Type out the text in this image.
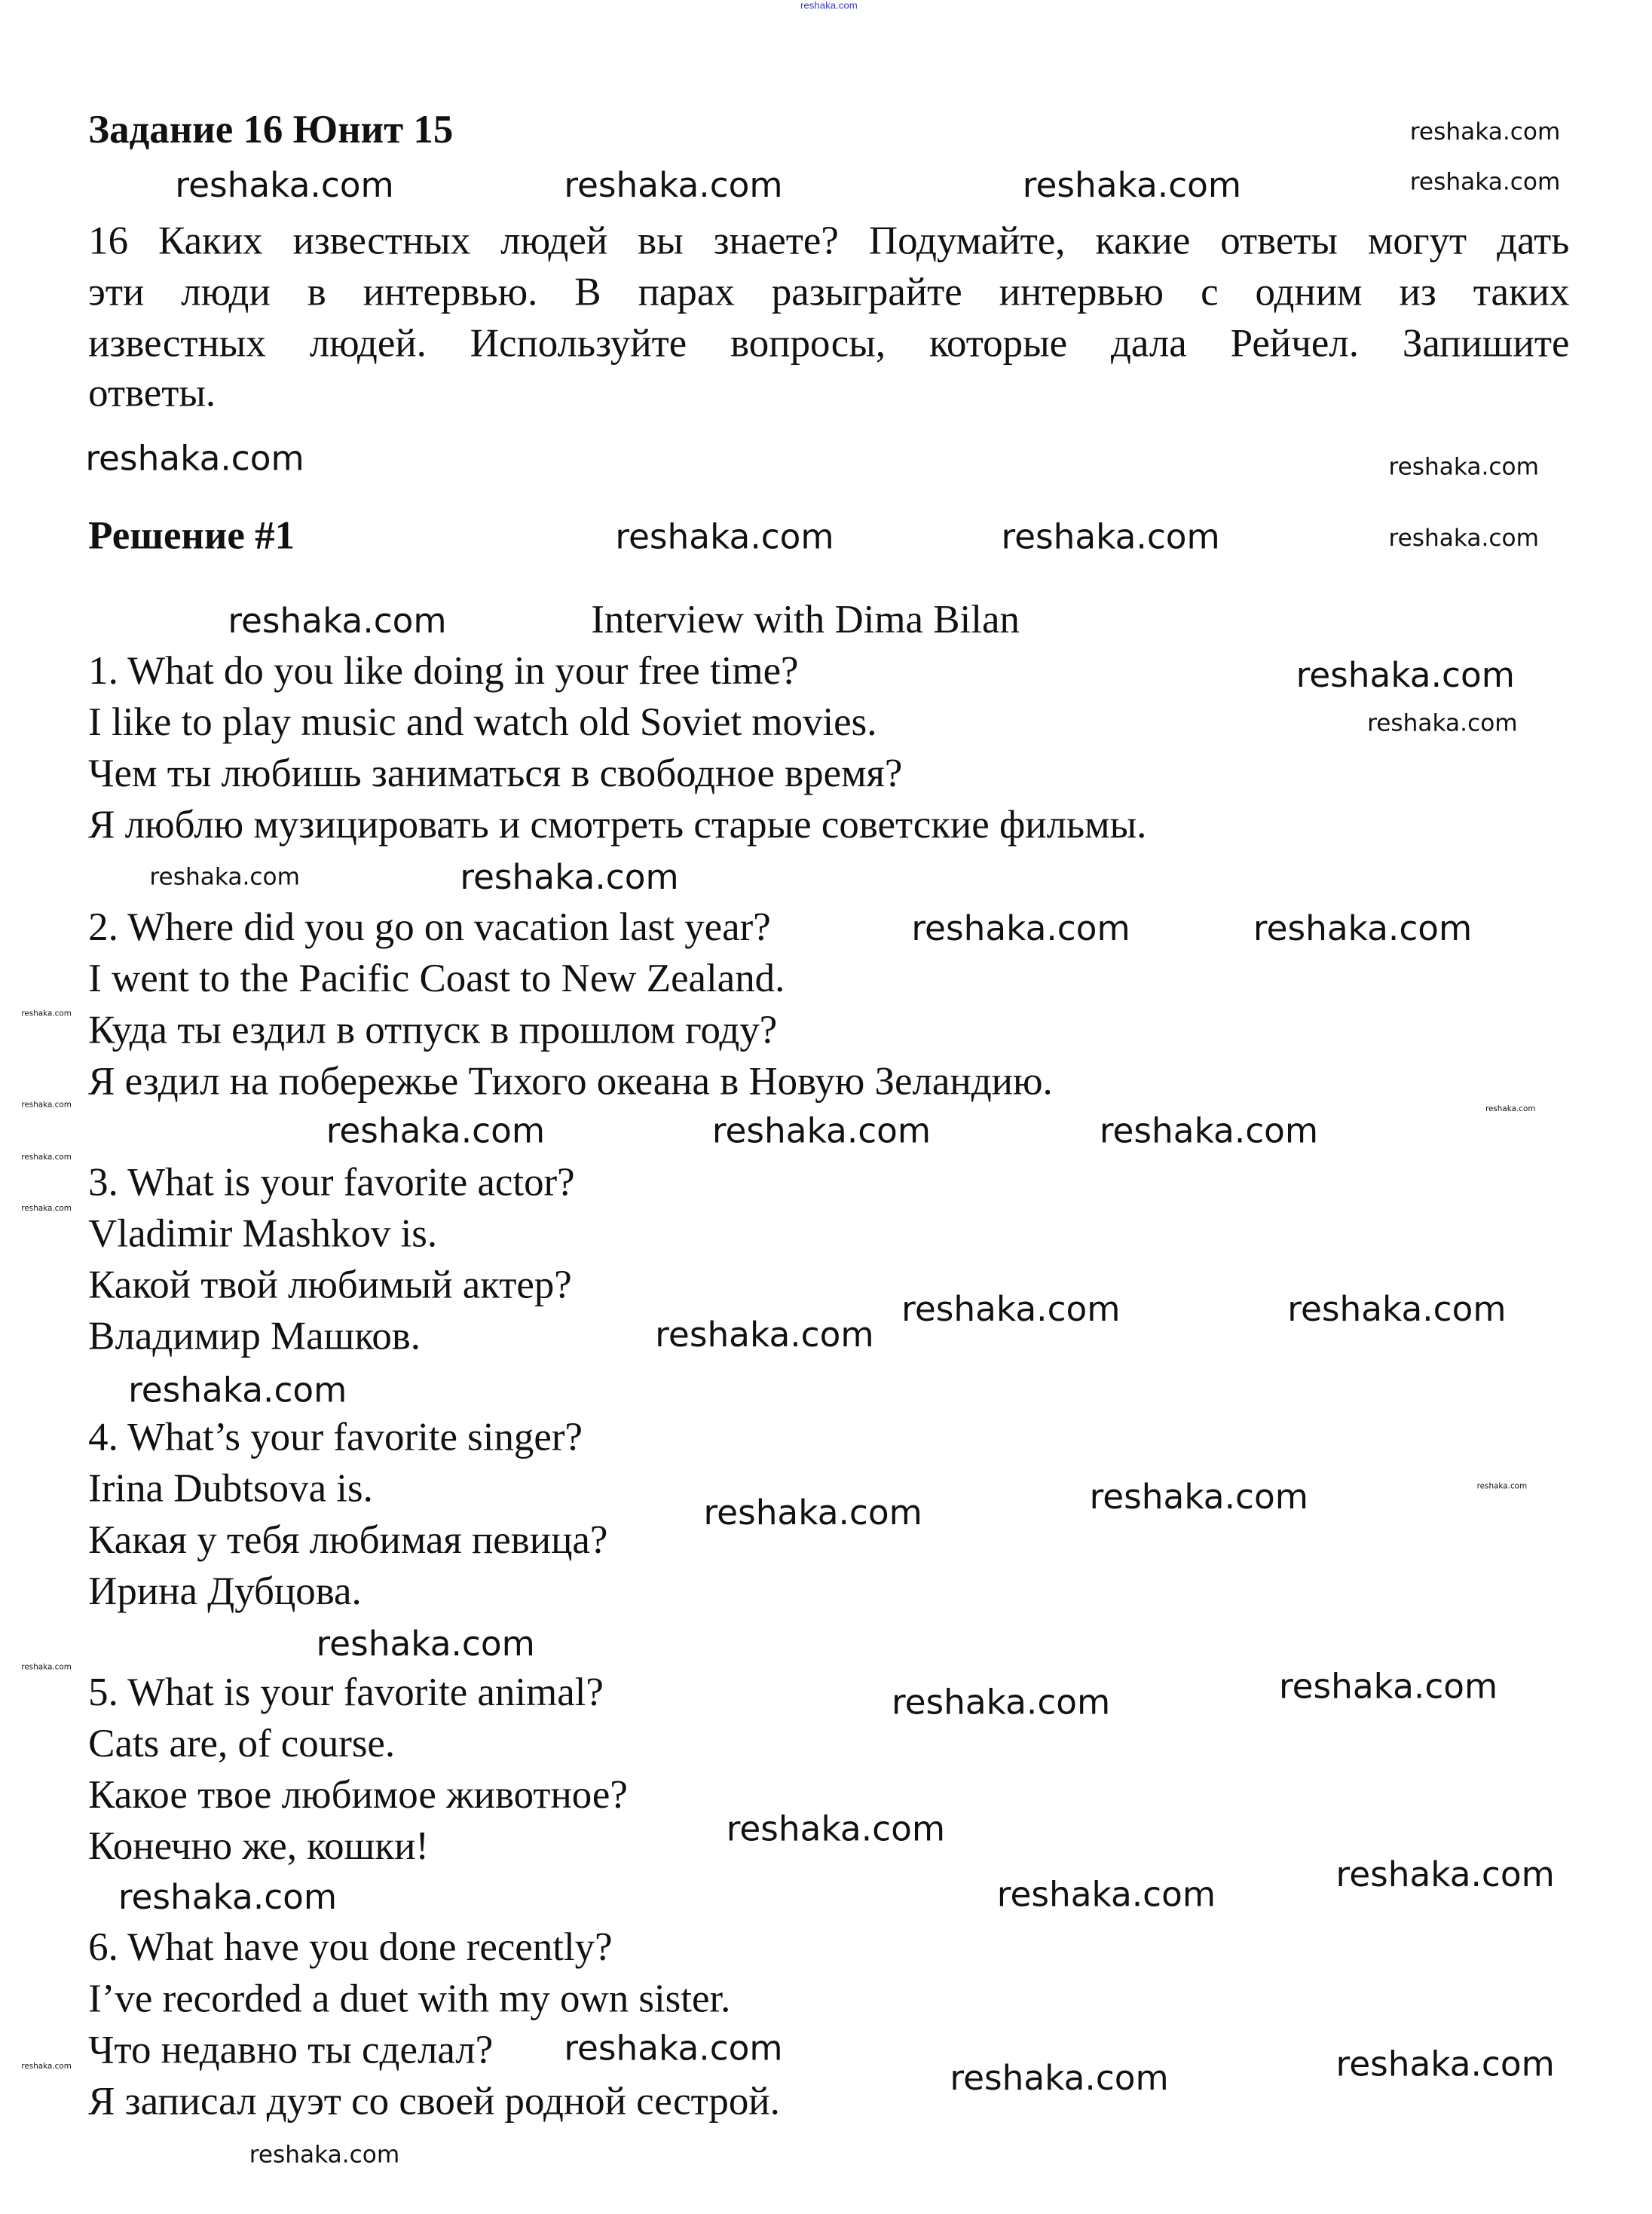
reshaka.com
Задание 16 Юнит 15
16 Каких известных людей вы знаете? Подумайте, какие ответы могут дать
эти люди в интервью. В парах разыграйте интервью с одним из таких
известных людей. Используйте вопросы, которые дала Рейчел. Запишите
ответы.
Решение #1
Interview with Dima Bilan
1. What do you like doing in your free time?
I like to play music and watch old Soviet movies.
Чем ты любишь заниматься в свободное время?
Я люблю музицировать и смотреть старые советские фильмы.
2. Where did you go on vacation last year?
I went to the Pacific Coast to New Zealand.
Куда ты ездил в отпуск в прошлом году?
Я ездил на побережье Тихого океана в Новую Зеландию.
3. What is your favorite actor?
Vladimir Mashkov is.
Какой твой любимый актер?
Владимир Машков.
4. What’s your favorite singer?
Irina Dubtsova is.
Какая у тебя любимая певица?
Ирина Дубцова.
5. What is your favorite animal?
Cats are, of course.
Какое твое любимое животное?
Конечно же, кошки!
6. What have you done recently?
I’ve recorded a duet with my own sister.
Что недавно ты сделал?
Я записал дуэт со своей родной сестрой.
reshaka.com	reshaka.com	reshaka.com
reshaka.com
reshaka.com	reshaka.com
reshaka.com
reshaka.com
reshaka.com
reshaka.com	reshaka.com
reshaka.com	reshaka.com	reshaka.com
reshaka.com	reshaka.com
reshaka.com
reshaka.com
reshaka.com	reshaka.com
reshaka.com
reshaka.com	reshaka.com
reshaka.com
reshaka.com	reshaka.com	reshaka.com
reshaka.com
reshaka.com	reshaka.com
reshaka.com
reshaka.com
reshaka.com
reshaka.com
reshaka.com
reshaka.com
reshaka.com
reshaka.com
reshaka.com
reshaka.com
reshaka.com
reshaka.com
reshaka.com
reshaka.com
reshaka.com
